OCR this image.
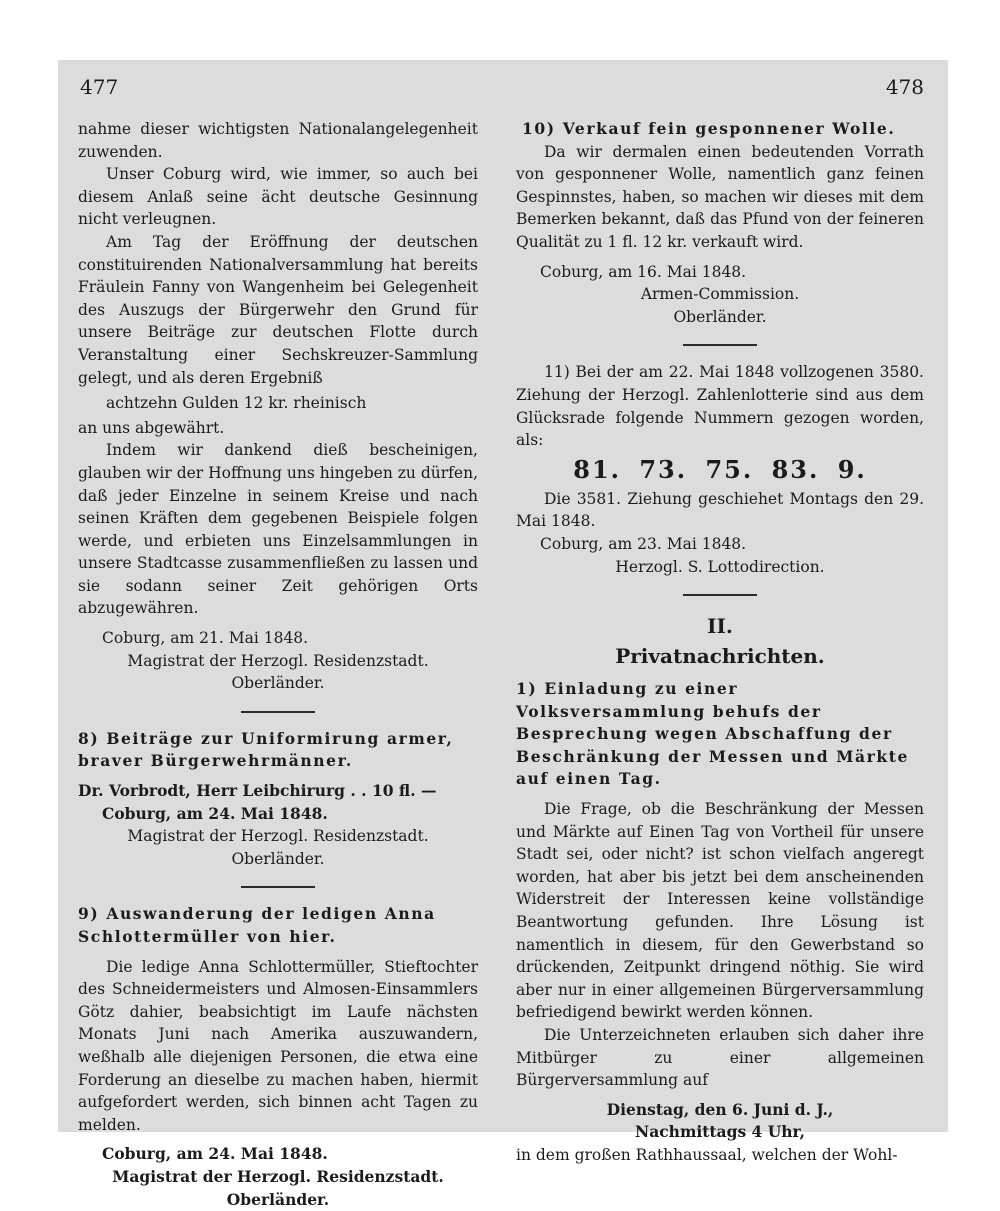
477

nahme dieser wichtigsten Nationalangelegenheit zuwenden.

Unser Coburg wird, wie immer, so auch bei diesem Anlaß seine ächt deutsche Gesinnung nicht verleugnen.

Am Tag der Eröffnung der deutschen constituirenden Nationalversammlung hat bereits Fräulein Fanny von Wangenheim bei Gelegenheit des Auszugs der Bürgerwehr den Grund für unsere Beiträge zur deutschen Flotte durch Veranstaltung einer Sechskreuzer-Sammlung gelegt, und als deren Ergebniß

achtzehn Gulden 12 kr. rheinisch

an uns abgewährt.

Indem wir dankend dieß bescheinigen, glauben wir der Hoffnung uns hingeben zu dürfen, daß jeder Einzelne in seinem Kreise und nach seinen Kräften dem gegebenen Beispiele folgen werde, und erbieten uns Einzelsammlungen in unsere Stadtcasse zusammenfließen zu lassen und sie sodann seiner Zeit gehörigen Orts abzugewähren.

Coburg, am 21. Mai 1848.

Magistrat der Herzogl. Residenzstadt.

Oberländer.

8) Beiträge zur Uniformirung armer, braver Bürgerwehrmänner.

Dr. Vorbrodt, Herr Leibchirurg . . 10 fl. —

Coburg, am 24. Mai 1848.

Magistrat der Herzogl. Residenzstadt.

Oberländer.

9) Auswanderung der ledigen Anna Schlottermüller von hier.

Die ledige Anna Schlottermüller, Stieftochter des Schneidermeisters und Almosen-Einsammlers Götz dahier, beabsichtigt im Laufe nächsten Monats Juni nach Amerika auszuwandern, weßhalb alle diejenigen Personen, die etwa eine Forderung an dieselbe zu machen haben, hiermit aufgefordert werden, sich binnen acht Tagen zu melden.

Coburg, am 24. Mai 1848.

Magistrat der Herzogl. Residenzstadt.

Oberländer.

478

10) Verkauf fein gesponnener Wolle.

Da wir dermalen einen bedeutenden Vorrath von gesponnener Wolle, namentlich ganz feinen Gespinnstes, haben, so machen wir dieses mit dem Bemerken bekannt, daß das Pfund von der feineren Qualität zu 1 fl. 12 kr. verkauft wird.

Coburg, am 16. Mai 1848.

Armen-Commission.

Oberländer.

11) Bei der am 22. Mai 1848 vollzogenen 3580. Ziehung der Herzogl. Zahlenlotterie sind aus dem Glücksrade folgende Nummern gezogen worden, als:

81. 73. 75. 83. 9.

Die 3581. Ziehung geschiehet Montags den 29. Mai 1848.

Coburg, am 23. Mai 1848.

Herzogl. S. Lottodirection.

II.

Privatnachrichten.

1) Einladung zu einer Volksversammlung behufs der Besprechung wegen Abschaffung der Beschränkung der Messen und Märkte auf einen Tag.

Die Frage, ob die Beschränkung der Messen und Märkte auf Einen Tag von Vortheil für unsere Stadt sei, oder nicht? ist schon vielfach angeregt worden, hat aber bis jetzt bei dem anscheinenden Widerstreit der Interessen keine vollständige Beantwortung gefunden. Ihre Lösung ist namentlich in diesem, für den Gewerbstand so drückenden, Zeitpunkt dringend nöthig. Sie wird aber nur in einer allgemeinen Bürgerversammlung befriedigend bewirkt werden können.

Die Unterzeichneten erlauben sich daher ihre Mitbürger zu einer allgemeinen Bürgerversammlung auf

Dienstag, den 6. Juni d. J.,

Nachmittags 4 Uhr,

in dem großen Rathhaussaal, welchen der Wohl-
